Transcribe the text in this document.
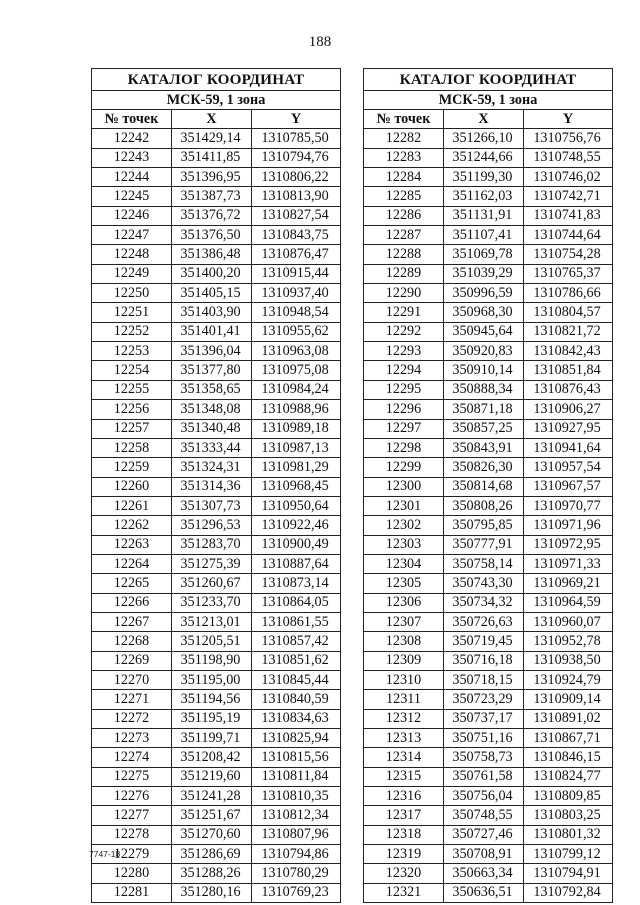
188
КАТАЛОГ КООРДИНАТ		
МСК-59, 1 зона		
№ точек	X	Y
12242	351429,14	1310785,50
12243	351411,85	1310794,76
12244	351396,95	1310806,22
12245	351387,73	1310813,90
12246	351376,72	1310827,54
12247	351376,50	1310843,75
12248	351386,48	1310876,47
12249	351400,20	1310915,44
12250	351405,15	1310937,40
12251	351403,90	1310948,54
12252	351401,41	1310955,62
12253	351396,04	1310963,08
12254	351377,80	1310975,08
12255	351358,65	1310984,24
12256	351348,08	1310988,96
12257	351340,48	1310989,18
12258	351333,44	1310987,13
12259	351324,31	1310981,29
12260	351314,36	1310968,45
12261	351307,73	1310950,64
12262	351296,53	1310922,46
12263	351283,70	1310900,49
12264	351275,39	1310887,64
12265	351260,67	1310873,14
12266	351233,70	1310864,05
12267	351213,01	1310861,55
12268	351205,51	1310857,42
12269	351198,90	1310851,62
12270	351195,00	1310845,44
12271	351194,56	1310840,59
12272	351195,19	1310834,63
12273	351199,71	1310825,94
12274	351208,42	1310815,56
12275	351219,60	1310811,84
12276	351241,28	1310810,35
12277	351251,67	1310812,34
12278	351270,60	1310807,96
12279	351286,69	1310794,86
12280	351288,26	1310780,29
12281	351280,16	1310769,23
КАТАЛОГ КООРДИНАТ		
МСК-59, 1 зона		
№ точек	X	Y
12282	351266,10	1310756,76
12283	351244,66	1310748,55
12284	351199,30	1310746,02
12285	351162,03	1310742,71
12286	351131,91	1310741,83
12287	351107,41	1310744,64
12288	351069,78	1310754,28
12289	351039,29	1310765,37
12290	350996,59	1310786,66
12291	350968,30	1310804,57
12292	350945,64	1310821,72
12293	350920,83	1310842,43
12294	350910,14	1310851,84
12295	350888,34	1310876,43
12296	350871,18	1310906,27
12297	350857,25	1310927,95
12298	350843,91	1310941,64
12299	350826,30	1310957,54
12300	350814,68	1310967,57
12301	350808,26	1310970,77
12302	350795,85	1310971,96
12303	350777,91	1310972,95
12304	350758,14	1310971,33
12305	350743,30	1310969,21
12306	350734,32	1310964,59
12307	350726,63	1310960,07
12308	350719,45	1310952,78
12309	350716,18	1310938,50
12310	350718,15	1310924,79
12311	350723,29	1310909,14
12312	350737,17	1310891,02
12313	350751,16	1310867,71
12314	350758,73	1310846,15
12315	350761,58	1310824,77
12316	350756,04	1310809,85
12317	350748,55	1310803,25
12318	350727,46	1310801,32
12319	350708,91	1310799,12
12320	350663,34	1310794,91
12321	350636,51	1310792,84
7747-18
